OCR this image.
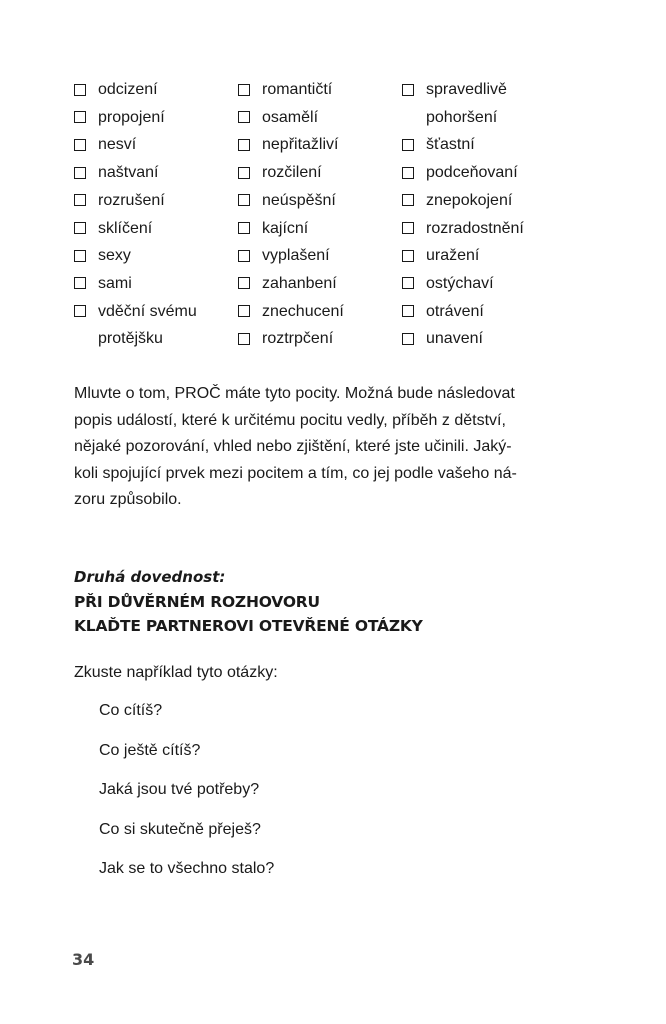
odcizení
propojení
nesví
naštvaní
rozrušení
sklíčení
sexy
sami
vděční svému
protějšku
romantičtí
osamělí
nepřitažliví
rozčilení
neúspěšní
kajícní
vyplašení
zahanbení
znechucení
roztrpčení
spravedlivě
pohoršení
šťastní
podceňovaní
znepokojení
rozradostnění
uražení
ostýchaví
otrávení
unavení

Mluvte o tom, PROČ máte tyto pocity. Možná bude následovat
popis událostí, které k určitému pocitu vedly, příběh z dětství,
nějaké pozorování, vhled nebo zjištění, které jste učinili. Jaký-
koli spojující prvek mezi pocitem a tím, co jej podle vašeho ná-
zoru způsobilo.

Druhá dovednost:
PŘI DŮVĚRNÉM ROZHOVORU
KLAĎTE PARTNEROVI OTEVŘENÉ OTÁZKY
Zkuste například tyto otázky:
Co cítíš?
Co ještě cítíš?
Jaká jsou tvé potřeby?
Co si skutečně přeješ?
Jak se to všechno stalo?
34
